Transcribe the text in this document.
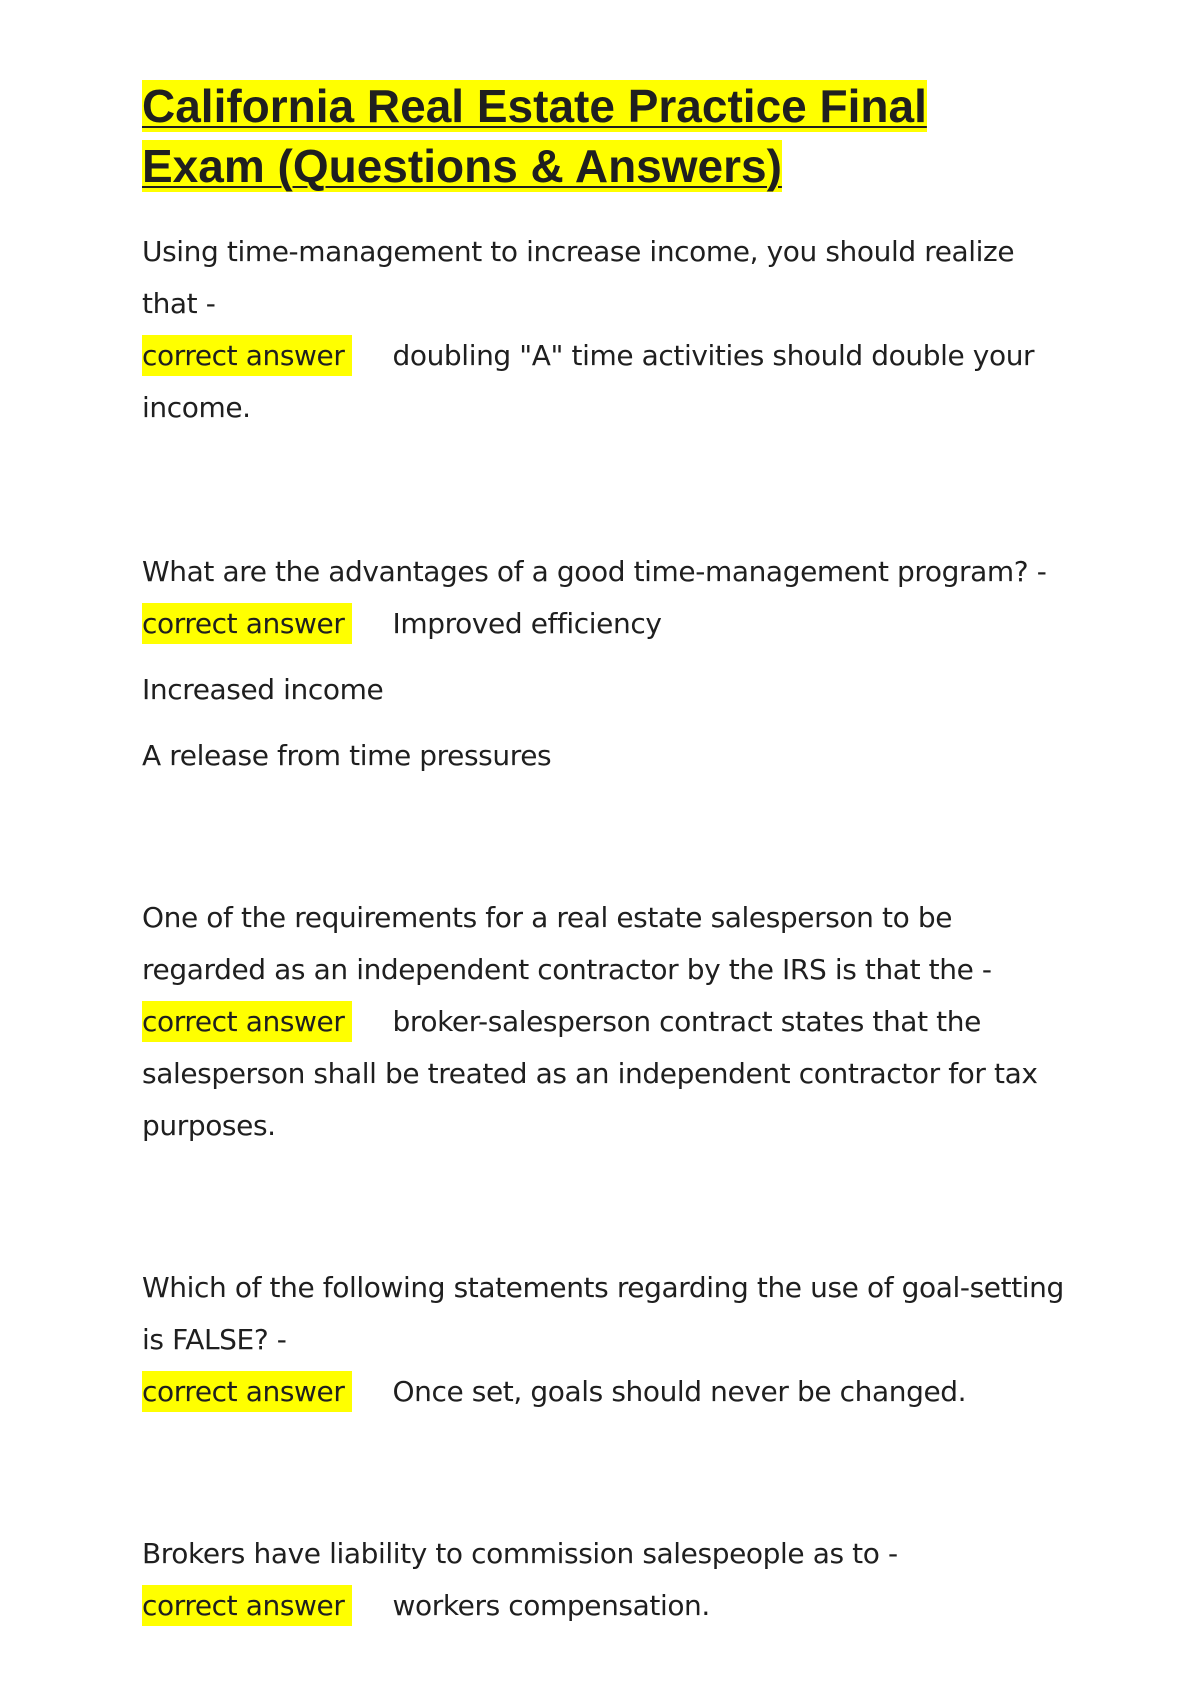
California Real Estate Practice Final
Exam (Questions & Answers)

Using time-management to increase income, you should realize that -

correct answer doubling "A" time activities should double your income.

What are the advantages of a good time-management program? -

correct answer Improved efficiency

Increased income

A release from time pressures

One of the requirements for a real estate salesperson to be regarded as an independent contractor by the IRS is that the -

correct answer broker-salesperson contract states that the salesperson shall be treated as an independent contractor for tax purposes.

Which of the following statements regarding the use of goal-setting is FALSE? -

correct answer Once set, goals should never be changed.

Brokers have liability to commission salespeople as to -

correct answer workers compensation.
